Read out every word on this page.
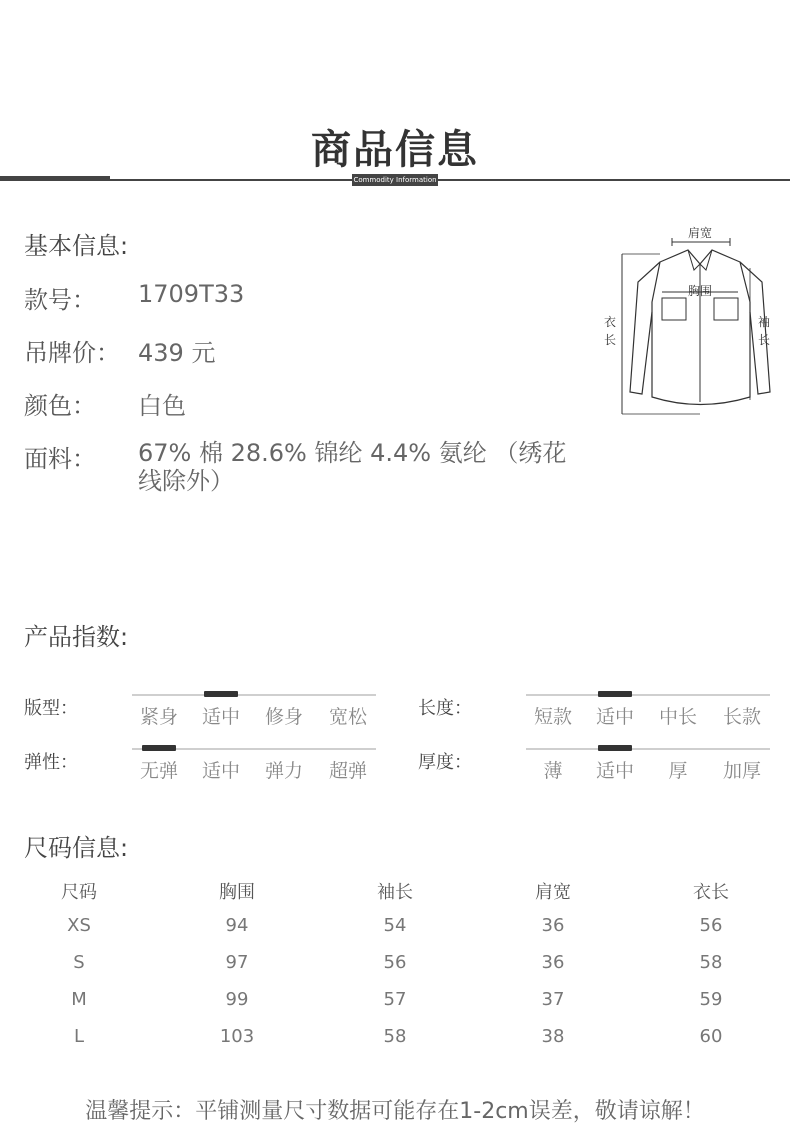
商品信息
Commodity Information
基本信息:
款号： 1709T33
吊牌价： 439 元
颜色： 白色
面料： 67% 棉 28.6% 锦纶 4.4% 氨纶 （绣花线除外）
肩宽
胸围
衣
长
袖
长
产品指数:
版型：	紧身	适中	修身	宽松	长度：	短款	适中	中长	长款
弹性：	无弹	适中	弹力	超弹	厚度：	薄	适中	厚	加厚
尺码信息:
尺码	胸围	袖长	肩宽	衣长
XS	94	54	36	56
S	97	56	36	58
M	99	57	37	59
L	103	58	38	60
温馨提示：平铺测量尺寸数据可能存在1-2cm误差，敬请谅解！
